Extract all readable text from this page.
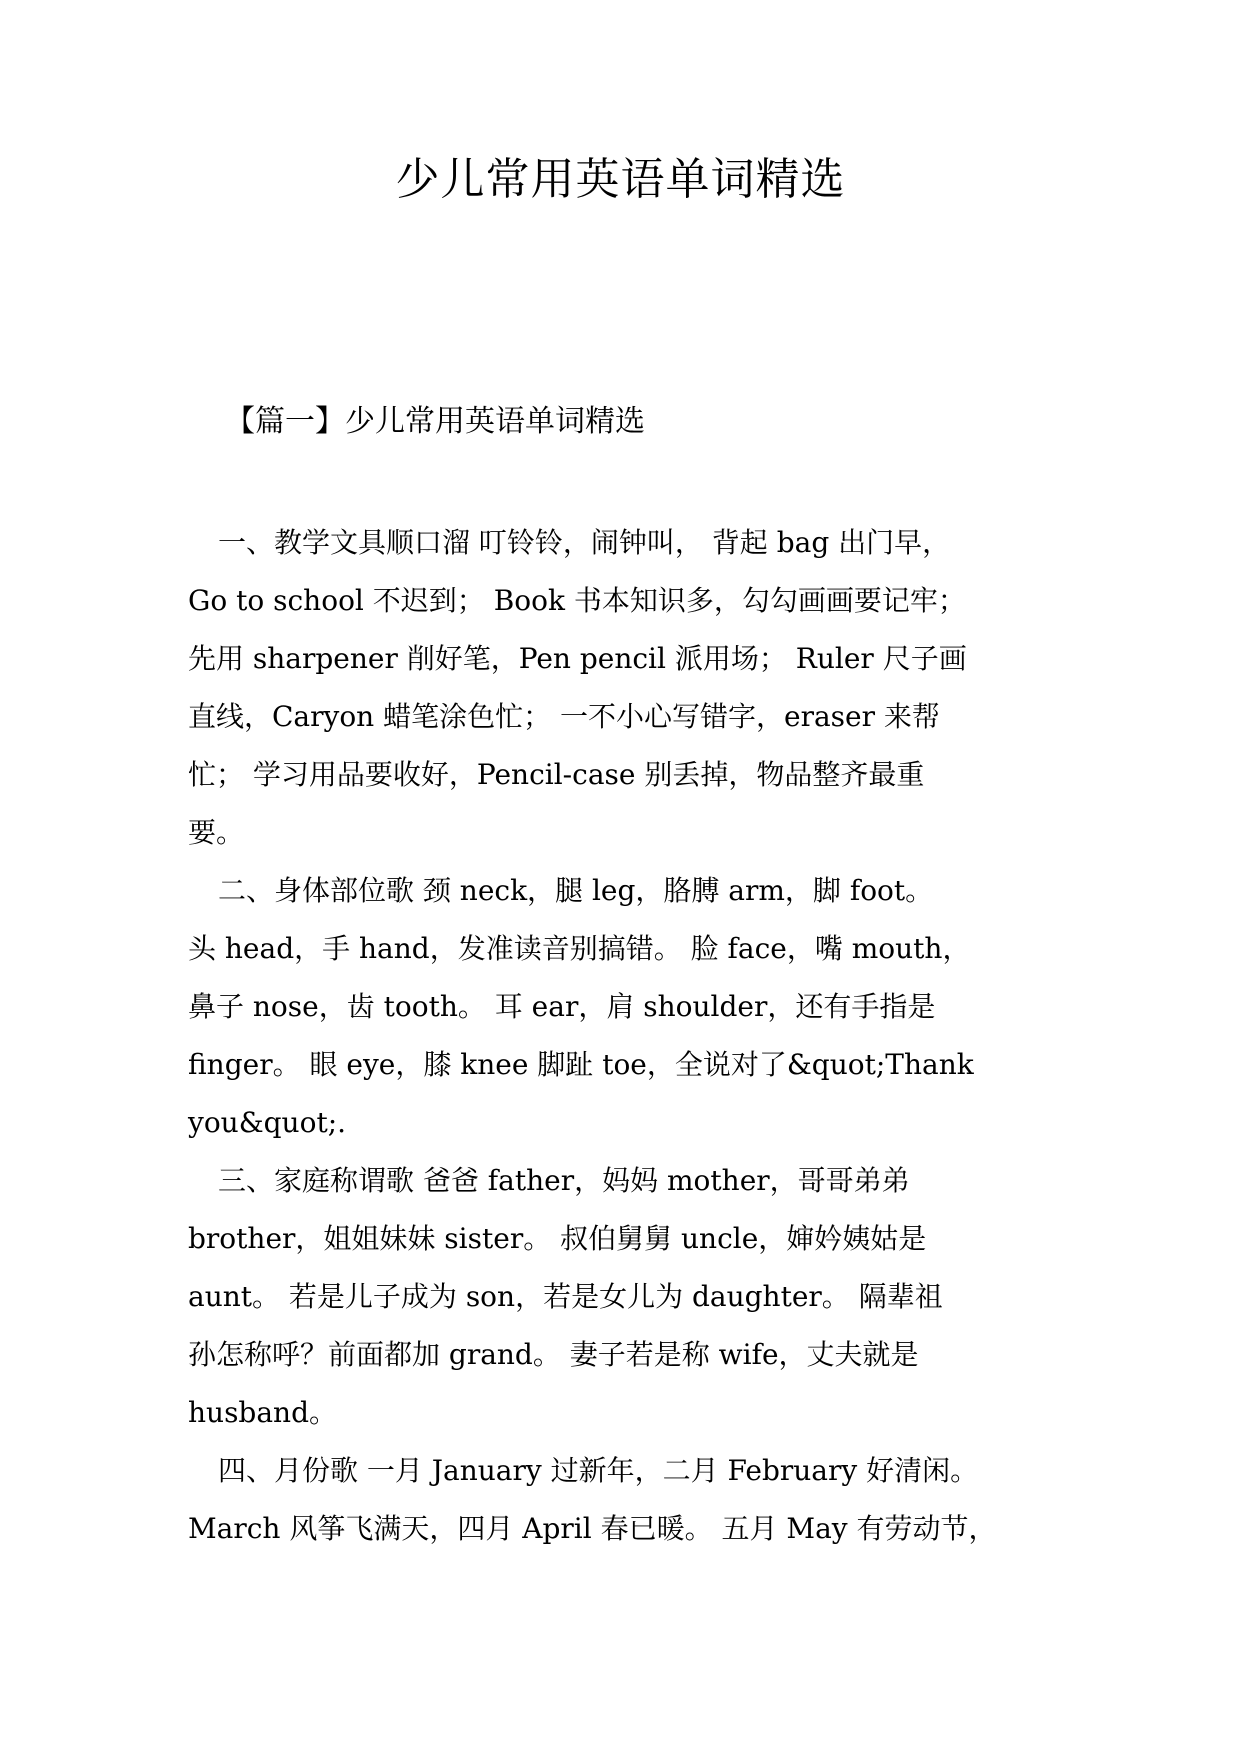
少儿常用英语单词精选
【篇一】少儿常用英语单词精选
一、教学文具顺口溜 叮铃铃，闹钟叫， 背起 bag 出门早，
Go to school 不迟到； Book 书本知识多，勾勾画画要记牢；
先用 sharpener 削好笔，Pen pencil 派用场； Ruler 尺子画
直线，Caryon 蜡笔涂色忙； 一不小心写错字，eraser 来帮
忙； 学习用品要收好，Pencil-case 别丢掉，物品整齐最重
要。
二、身体部位歌 颈 neck，腿 leg，胳膊 arm，脚 foot。
头 head，手 hand，发准读音别搞错。 脸 face，嘴 mouth，
鼻子 nose，齿 tooth。 耳 ear，肩 shoulder，还有手指是
finger。 眼 eye，膝 knee 脚趾 toe，全说对了&quot;Thank
you&quot;.
三、家庭称谓歌 爸爸 father，妈妈 mother，哥哥弟弟
brother，姐姐妹妹 sister。 叔伯舅舅 uncle，婶妗姨姑是
aunt。 若是儿子成为 son，若是女儿为 daughter。 隔辈祖
孙怎称呼？前面都加 grand。 妻子若是称 wife，丈夫就是
husband。
四、月份歌 一月 January 过新年，二月 February 好清闲。
March 风筝飞满天，四月 April 春已暖。 五月 May 有劳动节，
